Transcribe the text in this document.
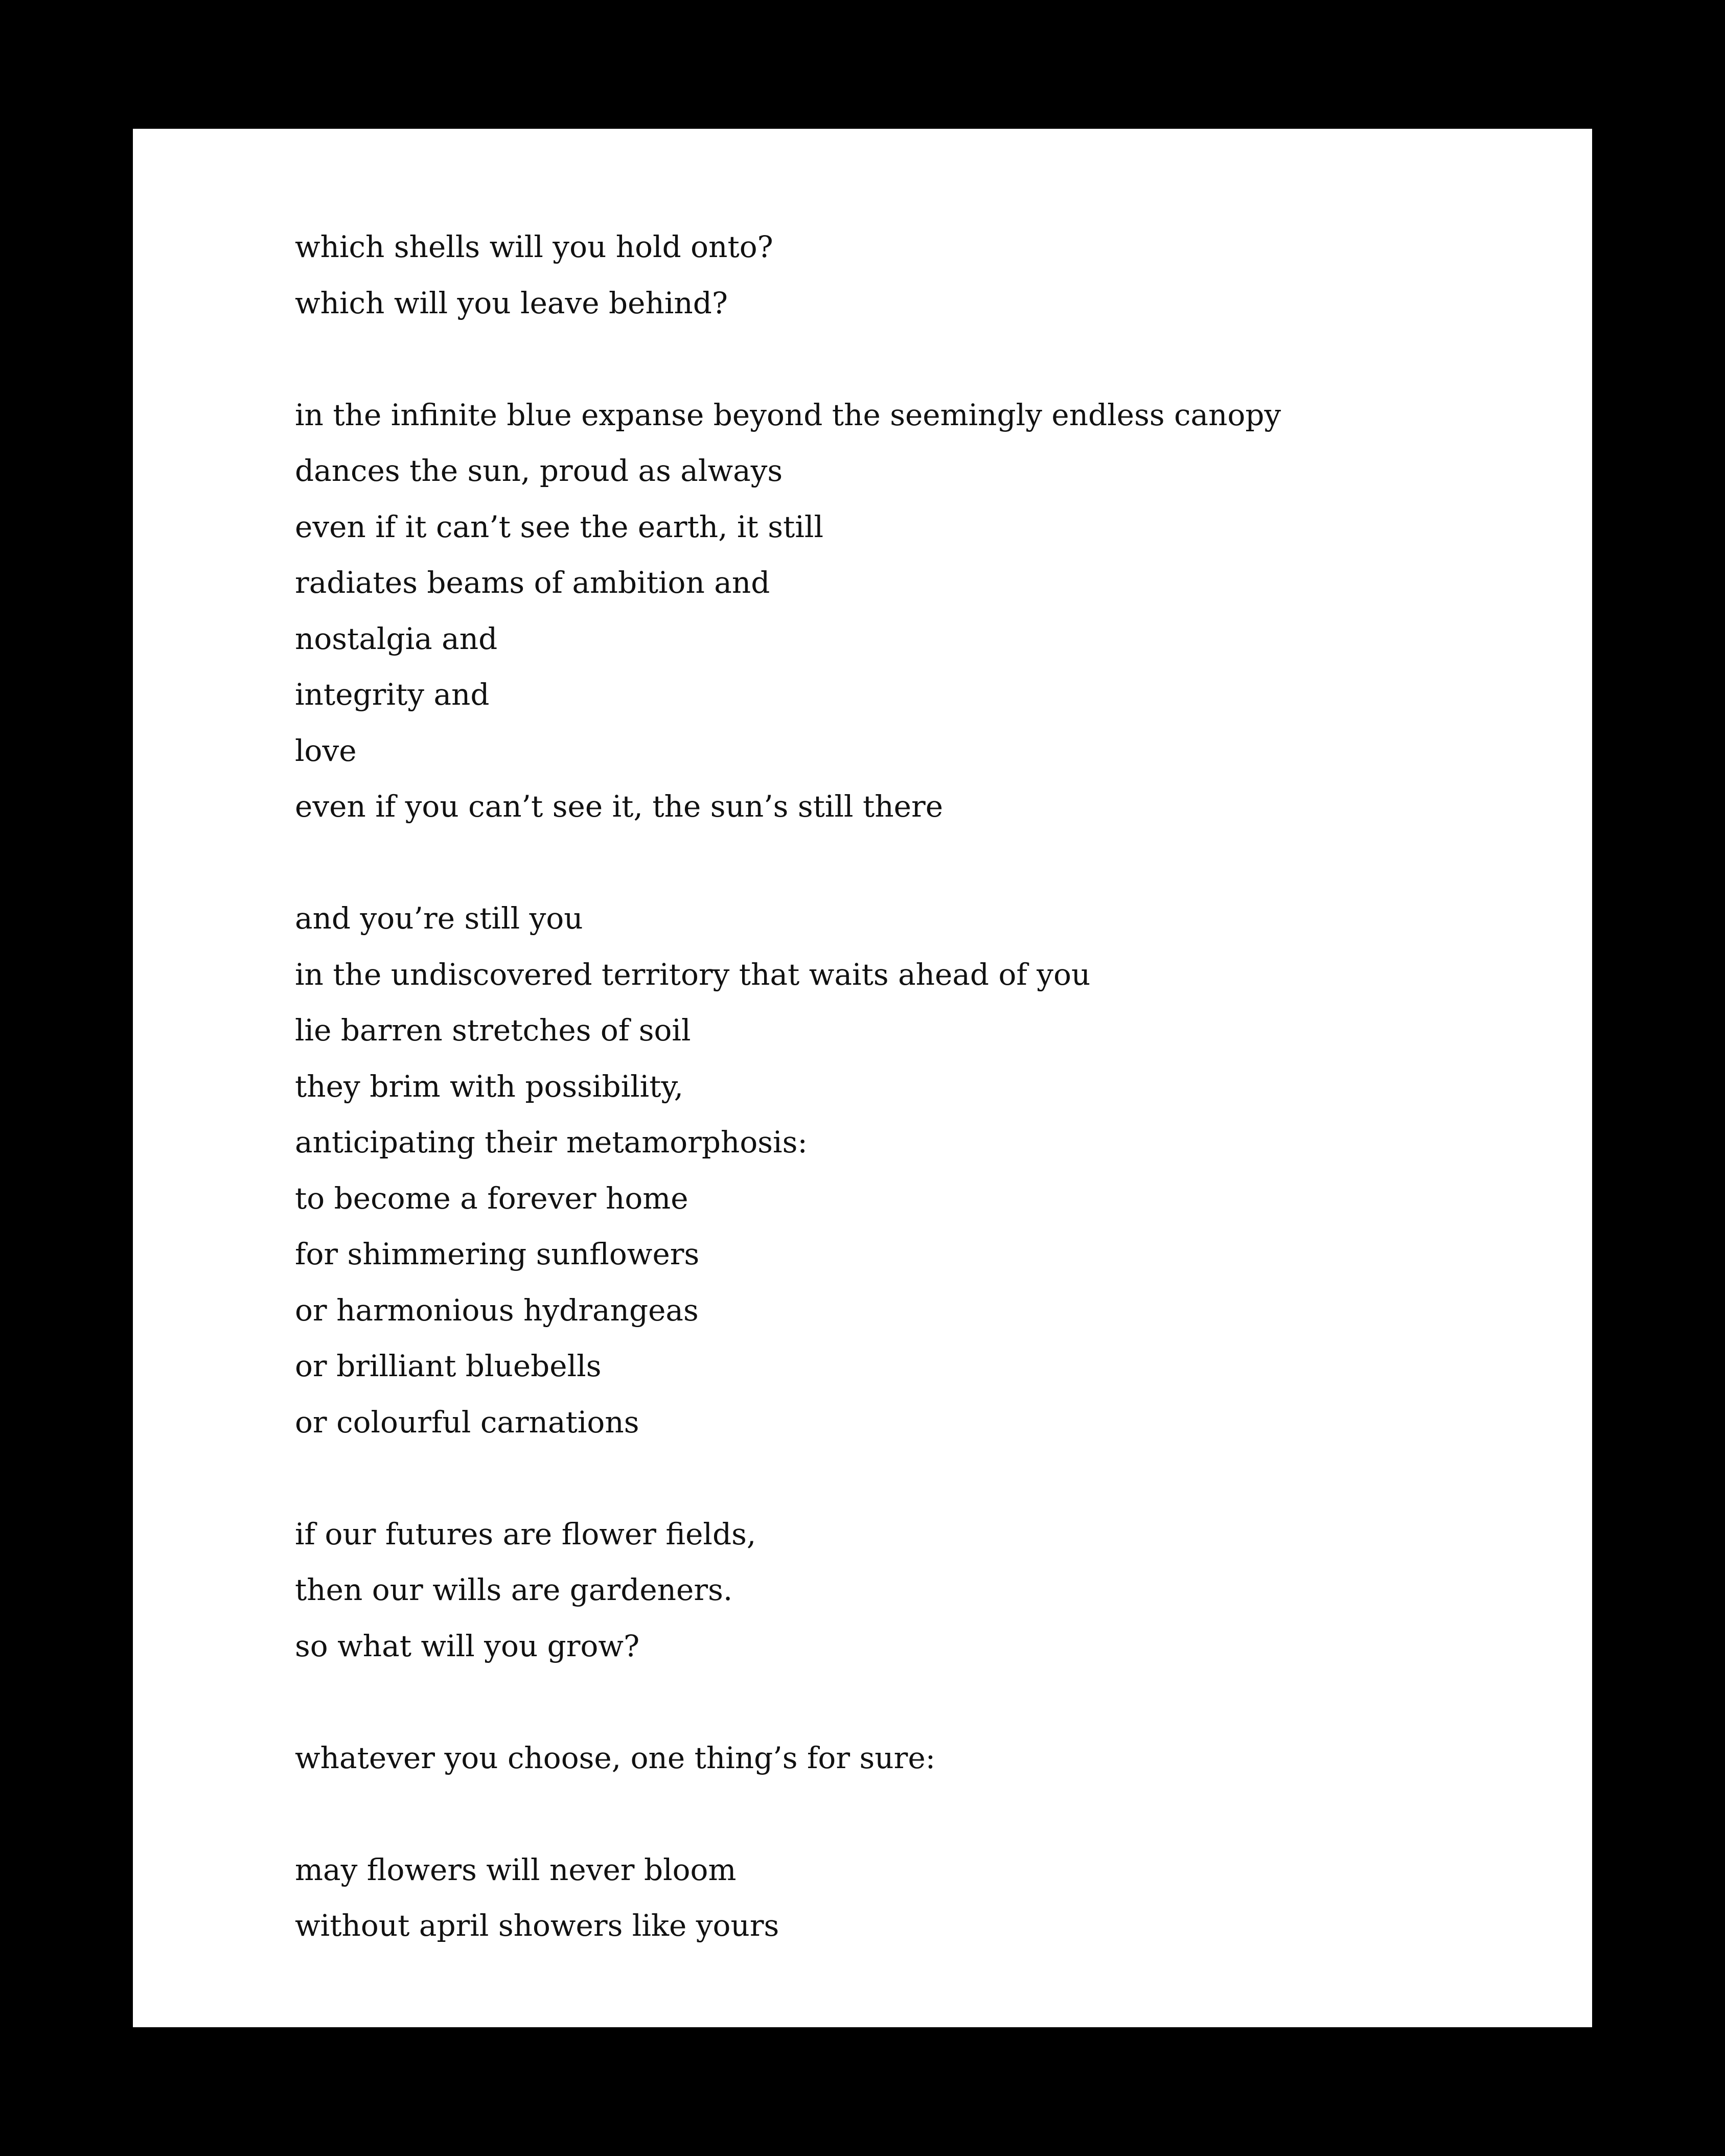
which shells will you hold onto?
which will you leave behind?
in the infinite blue expanse beyond the seemingly endless canopy
dances the sun, proud as always
even if it can’t see the earth, it still
radiates beams of ambition and
nostalgia and
integrity and
love
even if you can’t see it, the sun’s still there
and you’re still you
in the undiscovered territory that waits ahead of you
lie barren stretches of soil
they brim with possibility,
anticipating their metamorphosis:
to become a forever home
for shimmering sunflowers
or harmonious hydrangeas
or brilliant bluebells
or colourful carnations
if our futures are flower fields,
then our wills are gardeners.
so what will you grow?
whatever you choose, one thing’s for sure:
may flowers will never bloom
without april showers like yours
